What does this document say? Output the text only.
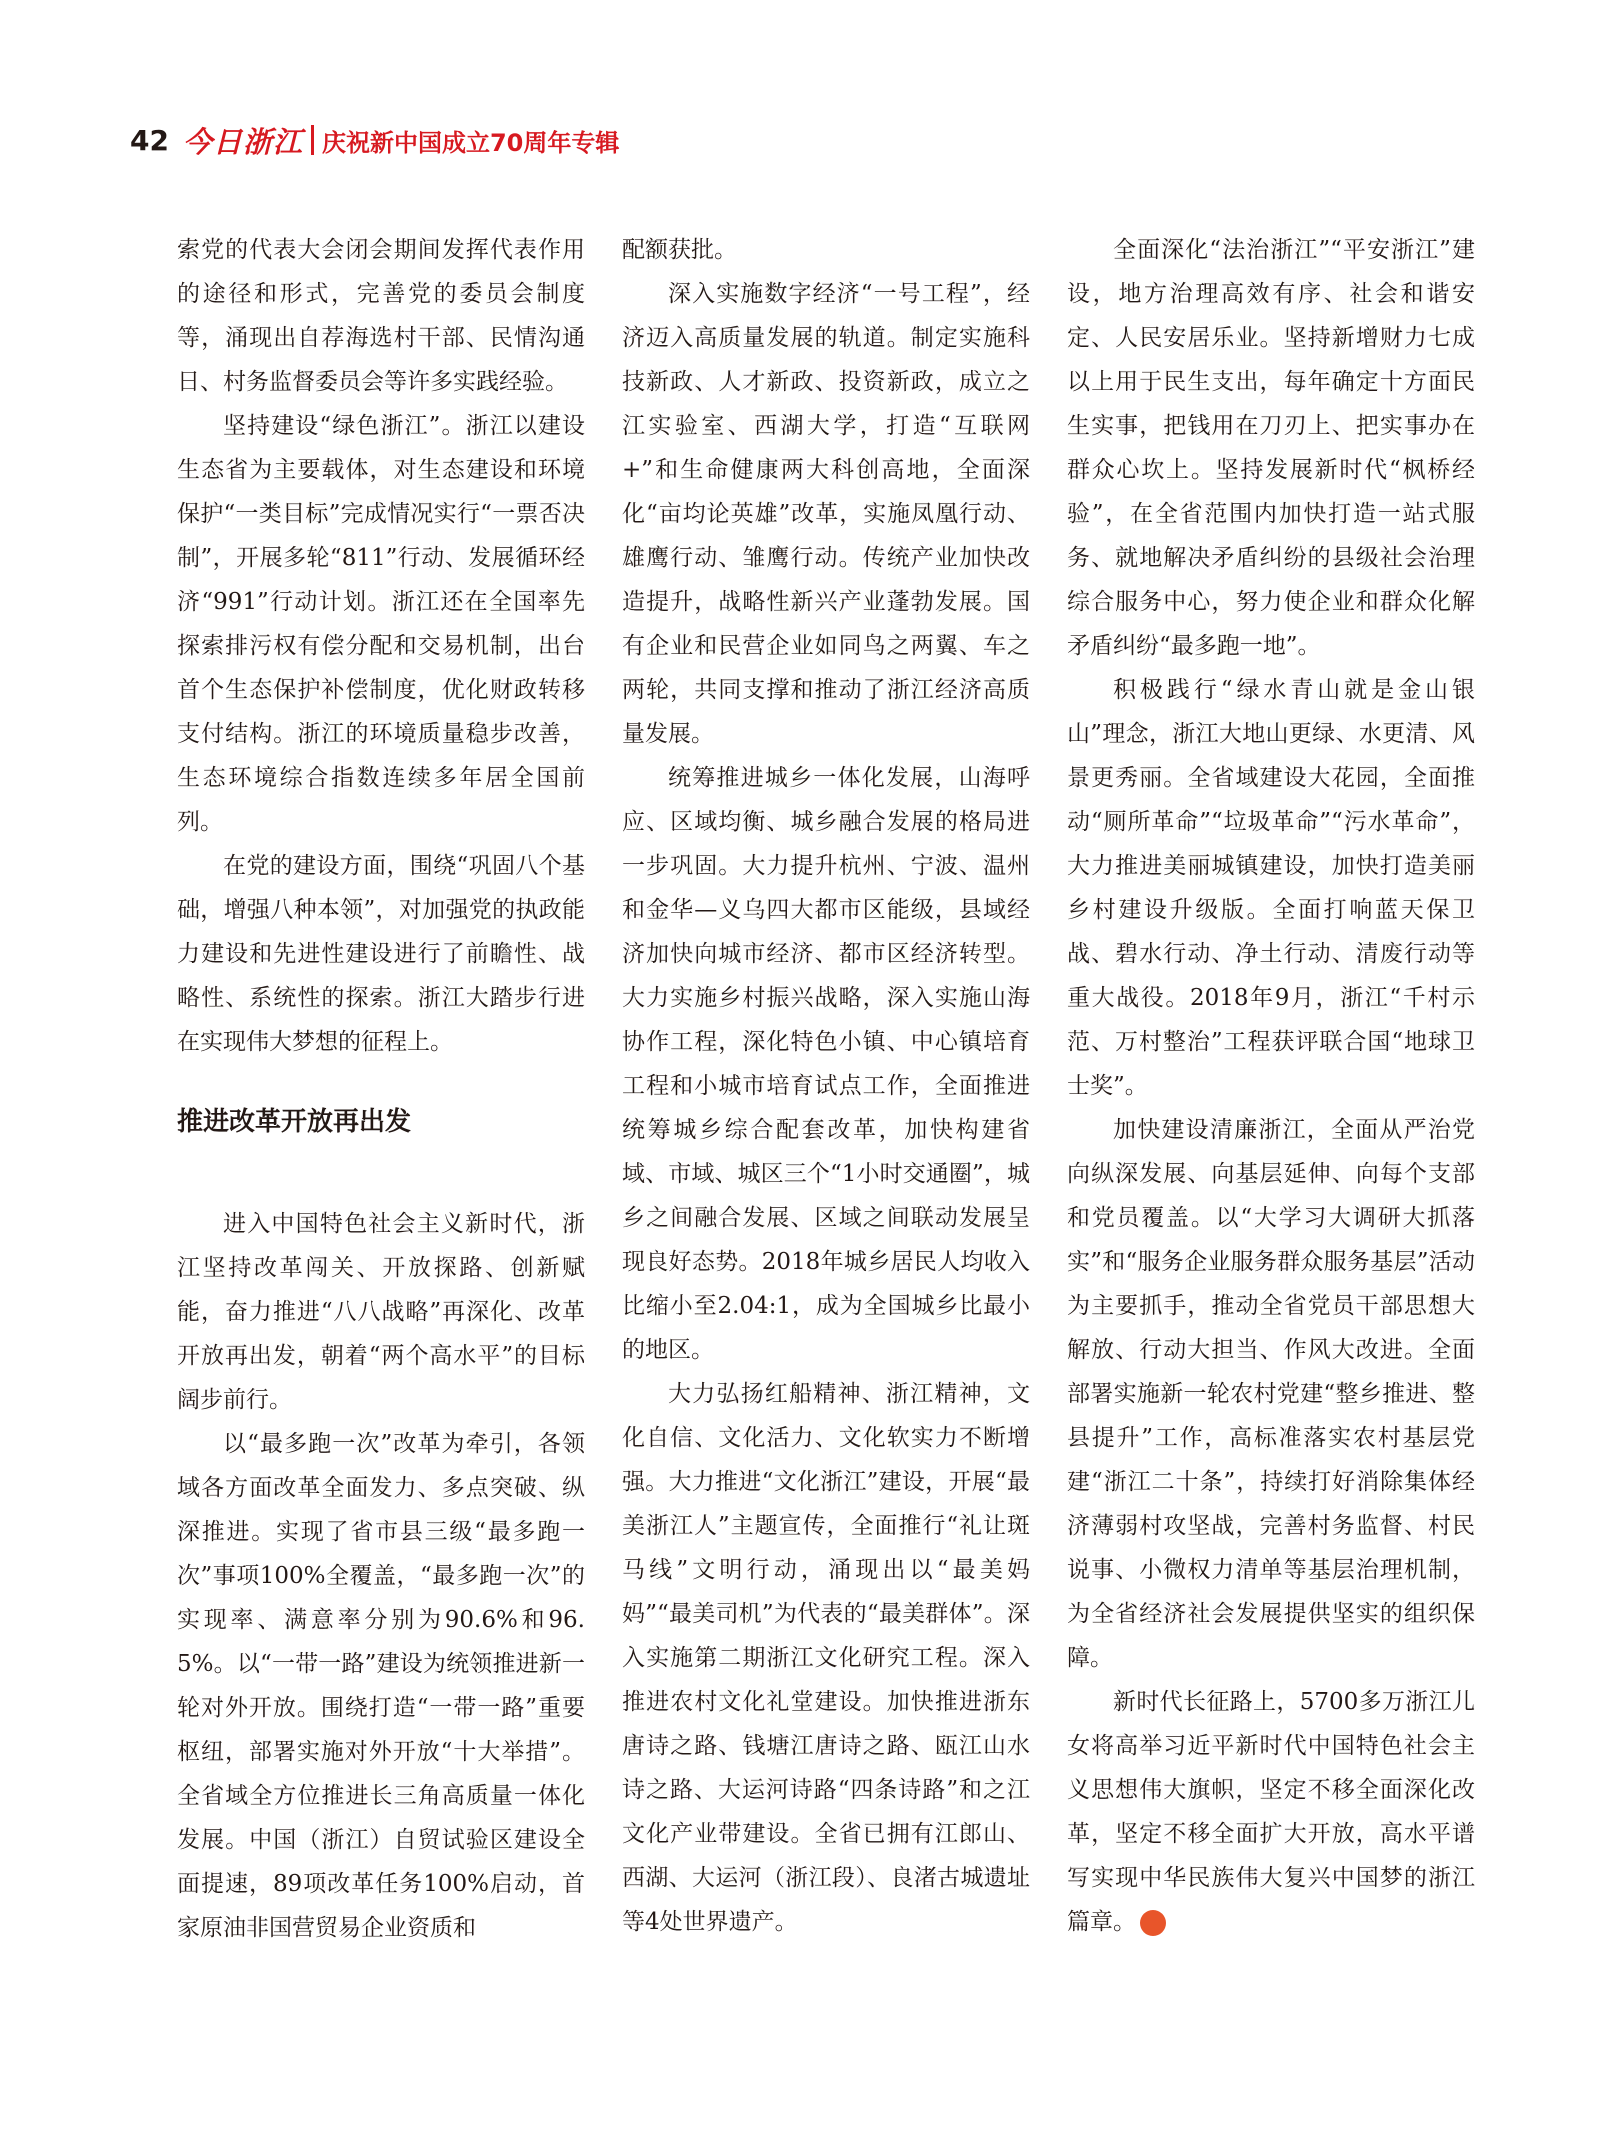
42 今日浙江 庆祝新中国成立70周年专辑

索党的代表大会闭会期间发挥代表作用的途径和形式，完善党的委员会制度等，涌现出自荐海选村干部、民情沟通日、村务监督委员会等许多实践经验。

坚持建设“绿色浙江”。浙江以建设生态省为主要载体，对生态建设和环境保护“一类目标”完成情况实行“一票否决制”，开展多轮“811”行动、发展循环经济“991”行动计划。浙江还在全国率先探索排污权有偿分配和交易机制，出台首个生态保护补偿制度，优化财政转移支付结构。浙江的环境质量稳步改善，生态环境综合指数连续多年居全国前列。

在党的建设方面，围绕“巩固八个基础，增强八种本领”，对加强党的执政能力建设和先进性建设进行了前瞻性、战略性、系统性的探索。浙江大踏步行进在实现伟大梦想的征程上。

推进改革开放再出发

进入中国特色社会主义新时代，浙江坚持改革闯关、开放探路、创新赋能，奋力推进“八八战略”再深化、改革开放再出发，朝着“两个高水平”的目标阔步前行。

以“最多跑一次”改革为牵引，各领域各方面改革全面发力、多点突破、纵深推进。实现了省市县三级“最多跑一次”事项100%全覆盖，“最多跑一次”的实现率、满意率分别为90.6%和96.5%。以“一带一路”建设为统领推进新一轮对外开放。围绕打造“一带一路”重要枢纽，部署实施对外开放“十大举措”。全省域全方位推进长三角高质量一体化发展。中国（浙江）自贸试验区建设全面提速，89项改革任务100%启动，首家原油非国营贸易企业资质和

配额获批。

深入实施数字经济“一号工程”，经济迈入高质量发展的轨道。制定实施科技新政、人才新政、投资新政，成立之江实验室、西湖大学，打造“互联网+”和生命健康两大科创高地，全面深化“亩均论英雄”改革，实施凤凰行动、雄鹰行动、雏鹰行动。传统产业加快改造提升，战略性新兴产业蓬勃发展。国有企业和民营企业如同鸟之两翼、车之两轮，共同支撑和推动了浙江经济高质量发展。

统筹推进城乡一体化发展，山海呼应、区域均衡、城乡融合发展的格局进一步巩固。大力提升杭州、宁波、温州和金华—义乌四大都市区能级，县域经济加快向城市经济、都市区经济转型。大力实施乡村振兴战略，深入实施山海协作工程，深化特色小镇、中心镇培育工程和小城市培育试点工作，全面推进统筹城乡综合配套改革，加快构建省域、市域、城区三个“1小时交通圈”，城乡之间融合发展、区域之间联动发展呈现良好态势。2018年城乡居民人均收入比缩小至2.04:1，成为全国城乡比最小的地区。

大力弘扬红船精神、浙江精神，文化自信、文化活力、文化软实力不断增强。大力推进“文化浙江”建设，开展“最美浙江人”主题宣传，全面推行“礼让斑马线”文明行动，涌现出以“最美妈妈”“最美司机”为代表的“最美群体”。深入实施第二期浙江文化研究工程。深入推进农村文化礼堂建设。加快推进浙东唐诗之路、钱塘江唐诗之路、瓯江山水诗之路、大运河诗路“四条诗路”和之江文化产业带建设。全省已拥有江郎山、西湖、大运河（浙江段）、良渚古城遗址等4处世界遗产。

全面深化“法治浙江”“平安浙江”建设，地方治理高效有序、社会和谐安定、人民安居乐业。坚持新增财力七成以上用于民生支出，每年确定十方面民生实事，把钱用在刀刃上、把实事办在群众心坎上。坚持发展新时代“枫桥经验”，在全省范围内加快打造一站式服务、就地解决矛盾纠纷的县级社会治理综合服务中心，努力使企业和群众化解矛盾纠纷“最多跑一地”。

积极践行“绿水青山就是金山银山”理念，浙江大地山更绿、水更清、风景更秀丽。全省域建设大花园，全面推动“厕所革命”“垃圾革命”“污水革命”，大力推进美丽城镇建设，加快打造美丽乡村建设升级版。全面打响蓝天保卫战、碧水行动、净土行动、清废行动等重大战役。2018年9月，浙江“千村示范、万村整治”工程获评联合国“地球卫士奖”。

加快建设清廉浙江，全面从严治党向纵深发展、向基层延伸、向每个支部和党员覆盖。以“大学习大调研大抓落实”和“服务企业服务群众服务基层”活动为主要抓手，推动全省党员干部思想大解放、行动大担当、作风大改进。全面部署实施新一轮农村党建“整乡推进、整县提升”工作，高标准落实农村基层党建“浙江二十条”，持续打好消除集体经济薄弱村攻坚战，完善村务监督、村民说事、小微权力清单等基层治理机制，为全省经济社会发展提供坚实的组织保障。

新时代长征路上，5700多万浙江儿女将高举习近平新时代中国特色社会主义思想伟大旗帜，坚定不移全面深化改革，坚定不移全面扩大开放，高水平谱写实现中华民族伟大复兴中国梦的浙江篇章。	今
